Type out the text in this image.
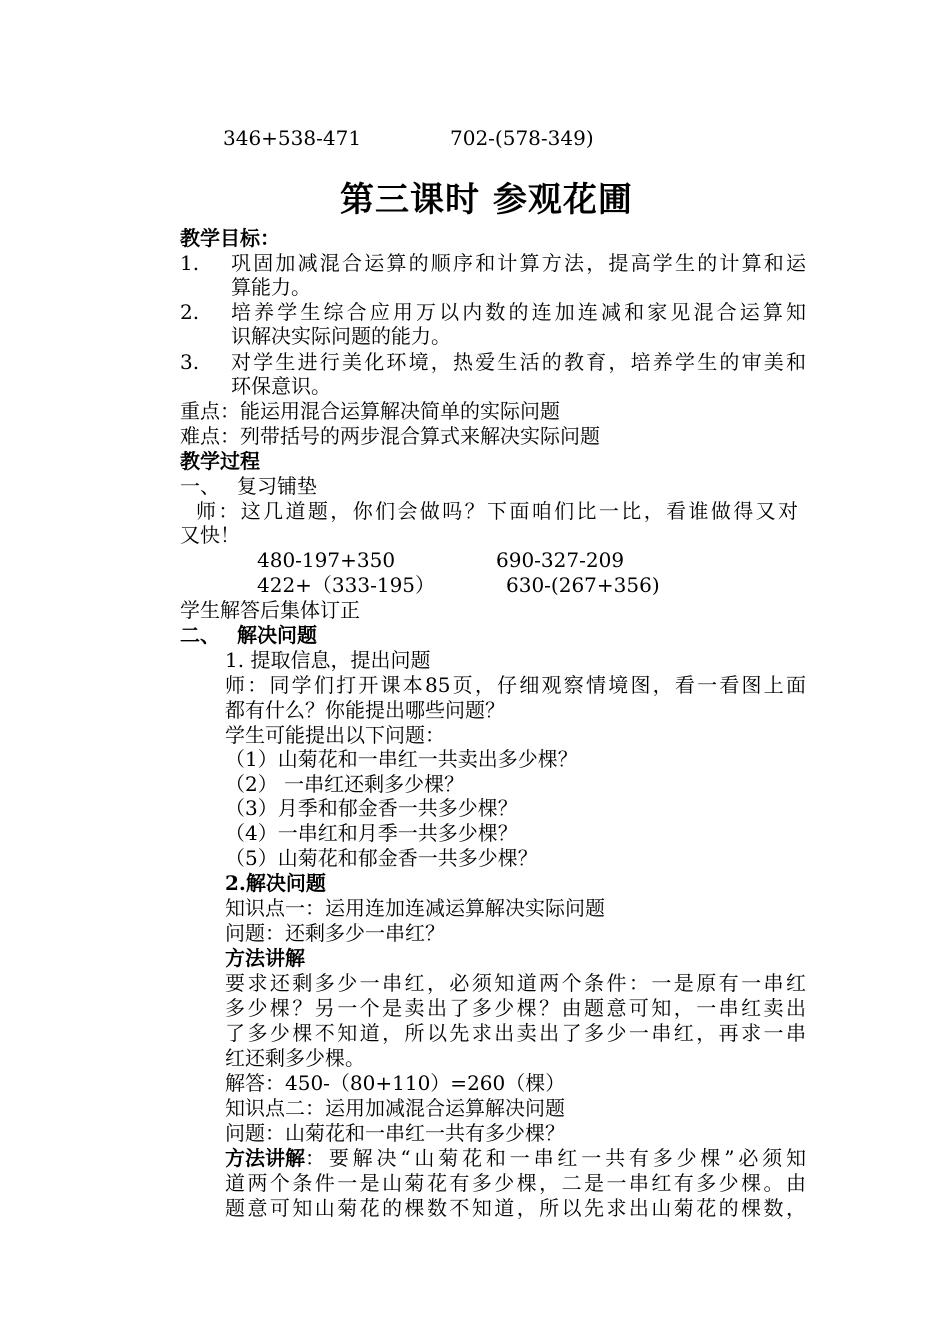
346+538-471	702-(578-349)
第三课时 参观花圃
教学目标：
1. 巩固加减混合运算的顺序和计算方法，提高学生的计算和运
算能力。
2. 培养学生综合应用万以内数的连加连减和家见混合运算知
识解决实际问题的能力。
3. 对学生进行美化环境，热爱生活的教育，培养学生的审美和
环保意识。
重点：能运用混合运算解决简单的实际问题
难点：列带括号的两步混合算式来解决实际问题
教学过程
一、 复习铺垫
师：这几道题，你们会做吗？下面咱们比一比，看谁做得又对
又快！
480-197+350	690-327-209
422+（333-195）	630-(267+356)
学生解答后集体订正
二、 解决问题
1. 提取信息，提出问题
师：同学们打开课本85页，仔细观察情境图，看一看图上面
都有什么？你能提出哪些问题？
学生可能提出以下问题：
（1）山菊花和一串红一共卖出多少棵？
（2） 一串红还剩多少棵？
（3）月季和郁金香一共多少棵？
（4）一串红和月季一共多少棵？
（5）山菊花和郁金香一共多少棵？
2.解决问题
知识点一：运用连加连减运算解决实际问题
问题：还剩多少一串红？
方法讲解
要求还剩多少一串红，必须知道两个条件：一是原有一串红
多少棵？另一个是卖出了多少棵？由题意可知，一串红卖出
了多少棵不知道，所以先求出卖出了多少一串红，再求一串
红还剩多少棵。
解答：450-（80+110）=260（棵）
知识点二：运用加减混合运算解决问题
问题：山菊花和一串红一共有多少棵？
方法讲解 ：要解决“山菊花和一串红一共有多少棵”必须知
道两个条件一是山菊花有多少棵，二是一串红有多少棵。由
题意可知山菊花的棵数不知道，所以先求出山菊花的棵数，
